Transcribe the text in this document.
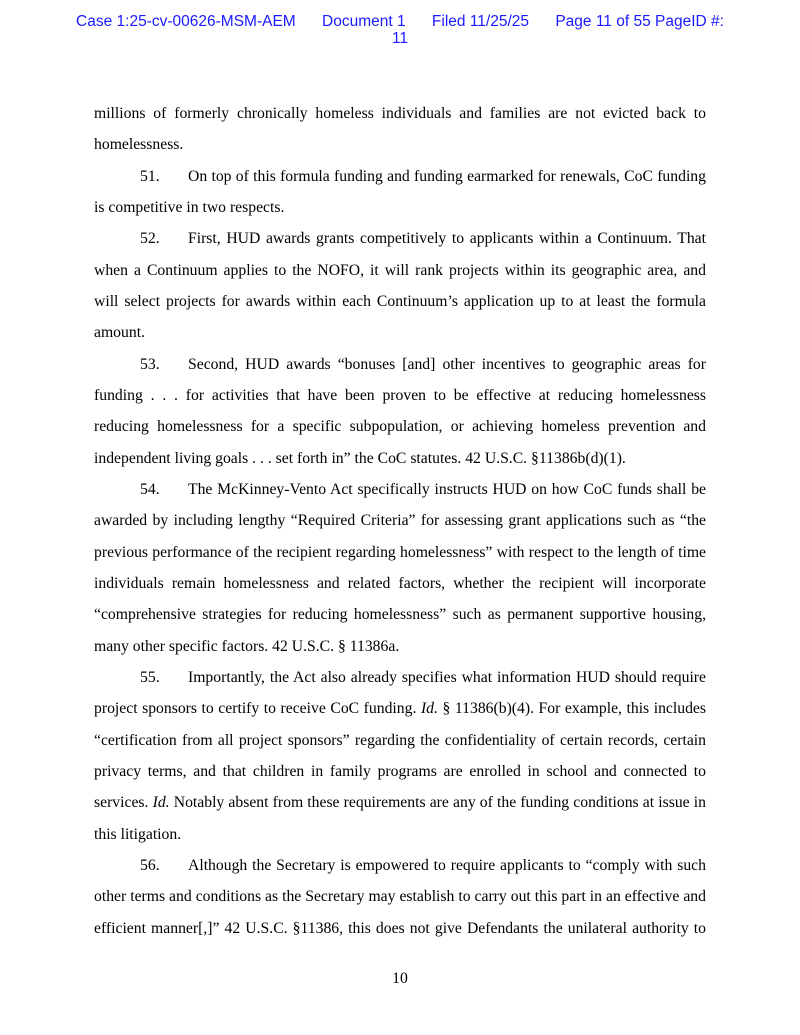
Case 1:25-cv-00626-MSM-AEM Document 1 Filed 11/25/25 Page 11 of 55 PageID #:
11
millions of formerly chronically homeless individuals and families are not evicted back to
homelessness.
51.	On top of this formula funding and funding earmarked for renewals, CoC funding
is competitive in two respects.
52.	First, HUD awards grants competitively to applicants within a Continuum. That
when a Continuum applies to the NOFO, it will rank projects within its geographic area, and
will select projects for awards within each Continuum’s application up to at least the formula
amount.
53.	Second, HUD awards “bonuses [and] other incentives to geographic areas for
funding . . . for activities that have been proven to be effective at reducing homelessness
reducing homelessness for a specific subpopulation, or achieving homeless prevention and
independent living goals . . . set forth in” the CoC statutes. 42 U.S.C. §11386b(d)(1).
54.	The McKinney-Vento Act specifically instructs HUD on how CoC funds shall be
awarded by including lengthy “Required Criteria” for assessing grant applications such as “the
previous performance of the recipient regarding homelessness” with respect to the length of time
individuals remain homelessness and related factors, whether the recipient will incorporate
“comprehensive strategies for reducing homelessness” such as permanent supportive housing,
many other specific factors. 42 U.S.C. § 11386a.
55.	Importantly, the Act also already specifies what information HUD should require
project sponsors to certify to receive CoC funding. Id. § 11386(b)(4). For example, this includes
“certification from all project sponsors” regarding the confidentiality of certain records, certain
privacy terms, and that children in family programs are enrolled in school and connected to
services. Id. Notably absent from these requirements are any of the funding conditions at issue in
this litigation.
56.	Although the Secretary is empowered to require applicants to “comply with such
other terms and conditions as the Secretary may establish to carry out this part in an effective and
efficient manner[,]” 42 U.S.C. §11386, this does not give Defendants the unilateral authority to
10
